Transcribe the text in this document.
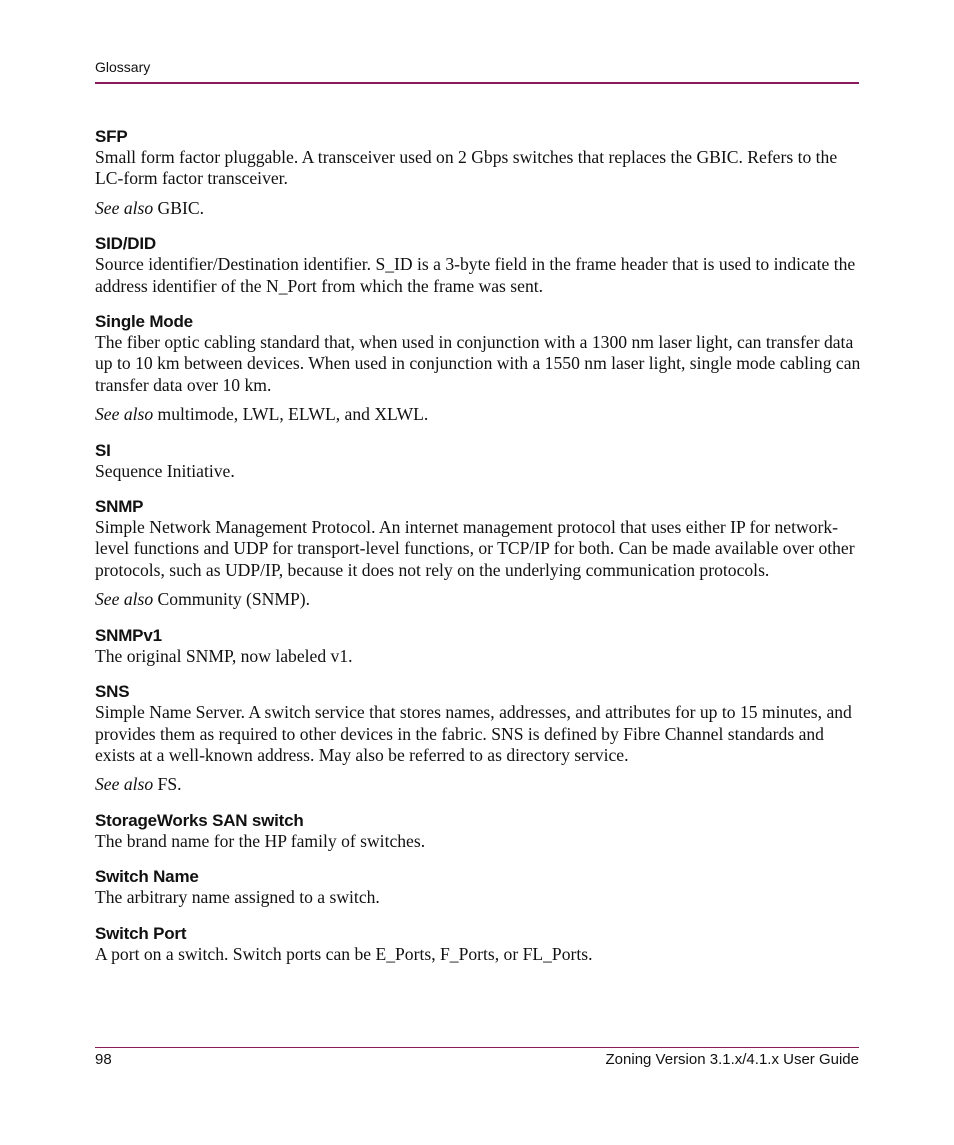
Glossary

SFP

Small form factor pluggable. A transceiver used on 2 Gbps switches that replaces the GBIC. Refers to the LC-form factor transceiver.

See also GBIC.

SID/DID

Source identifier/Destination identifier. S_ID is a 3-byte field in the frame header that is used to indicate the address identifier of the N_Port from which the frame was sent.

Single Mode

The fiber optic cabling standard that, when used in conjunction with a 1300 nm laser light, can transfer data up to 10 km between devices. When used in conjunction with a 1550 nm laser light, single mode cabling can transfer data over 10 km.

See also multimode, LWL, ELWL, and XLWL.

SI

Sequence Initiative.

SNMP

Simple Network Management Protocol. An internet management protocol that uses either IP for network-level functions and UDP for transport-level functions, or TCP/IP for both. Can be made available over other protocols, such as UDP/IP, because it does not rely on the underlying communication protocols.

See also Community (SNMP).

SNMPv1

The original SNMP, now labeled v1.

SNS

Simple Name Server. A switch service that stores names, addresses, and attributes for up to 15 minutes, and provides them as required to other devices in the fabric. SNS is defined by Fibre Channel standards and exists at a well-known address. May also be referred to as directory service.

See also FS.

StorageWorks SAN switch

The brand name for the HP family of switches.

Switch Name

The arbitrary name assigned to a switch.

Switch Port

A port on a switch. Switch ports can be E_Ports, F_Ports, or FL_Ports.

98	Zoning Version 3.1.x/4.1.x User Guide
